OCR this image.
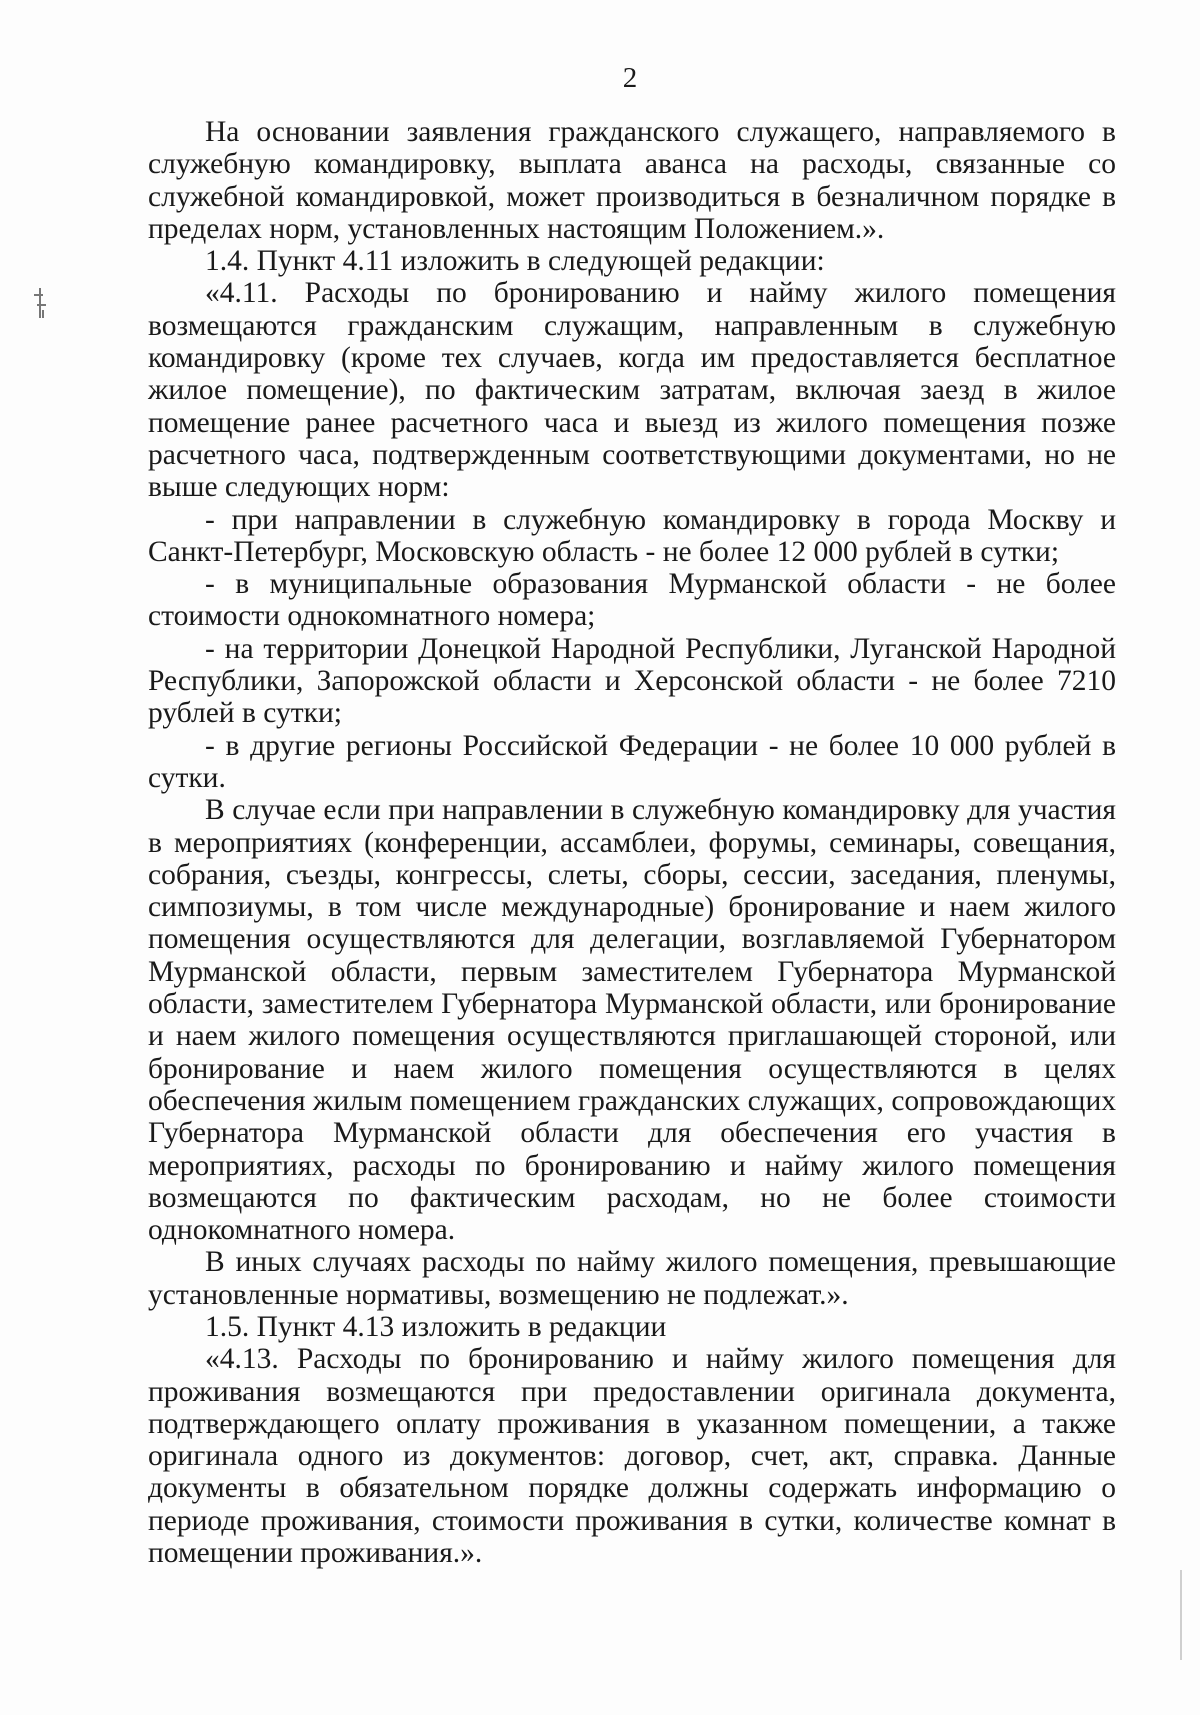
2

На основании заявления гражданского служащего, направляемого в служебную командировку, выплата аванса на расходы, связанные со служебной командировкой, может производиться в безналичном порядке в пределах норм, установленных настоящим Положением.».

1.4. Пункт 4.11 изложить в следующей редакции:

«4.11. Расходы по бронированию и найму жилого помещения возмещаются гражданским служащим, направленным в служебную командировку (кроме тех случаев, когда им предоставляется бесплатное жилое помещение), по фактическим затратам, включая заезд в жилое помещение ранее расчетного часа и выезд из жилого помещения позже расчетного часа, подтвержденным соответствующими документами, но не выше следующих норм:

- при направлении в служебную командировку в города Москву и Санкт-Петербург, Московскую область - не более 12 000 рублей в сутки;

- в муниципальные образования Мурманской области - не более стоимости однокомнатного номера;

- на территории Донецкой Народной Республики, Луганской Народной Республики, Запорожской области и Херсонской области - не более 7210 рублей в сутки;

- в другие регионы Российской Федерации - не более 10 000 рублей в сутки.

В случае если при направлении в служебную командировку для участия в мероприятиях (конференции, ассамблеи, форумы, семинары, совещания, собрания, съезды, конгрессы, слеты, сборы, сессии, заседания, пленумы, симпозиумы, в том числе международные) бронирование и наем жилого помещения осуществляются для делегации, возглавляемой Губернатором Мурманской области, первым заместителем Губернатора Мурманской области, заместителем Губернатора Мурманской области, или бронирование и наем жилого помещения осуществляются приглашающей стороной, или бронирование и наем жилого помещения осуществляются в целях обеспечения жилым помещением гражданских служащих, сопровождающих Губернатора Мурманской области для обеспечения его участия в мероприятиях, расходы по бронированию и найму жилого помещения возмещаются по фактическим расходам, но не более стоимости однокомнатного номера.

В иных случаях расходы по найму жилого помещения, превышающие установленные нормативы, возмещению не подлежат.».

1.5. Пункт 4.13 изложить в редакции

«4.13. Расходы по бронированию и найму жилого помещения для проживания возмещаются при предоставлении оригинала документа, подтверждающего оплату проживания в указанном помещении, а также оригинала одного из документов: договор, счет, акт, справка. Данные документы в обязательном порядке должны содержать информацию о периоде проживания, стоимости проживания в сутки, количестве комнат в помещении проживания.».
